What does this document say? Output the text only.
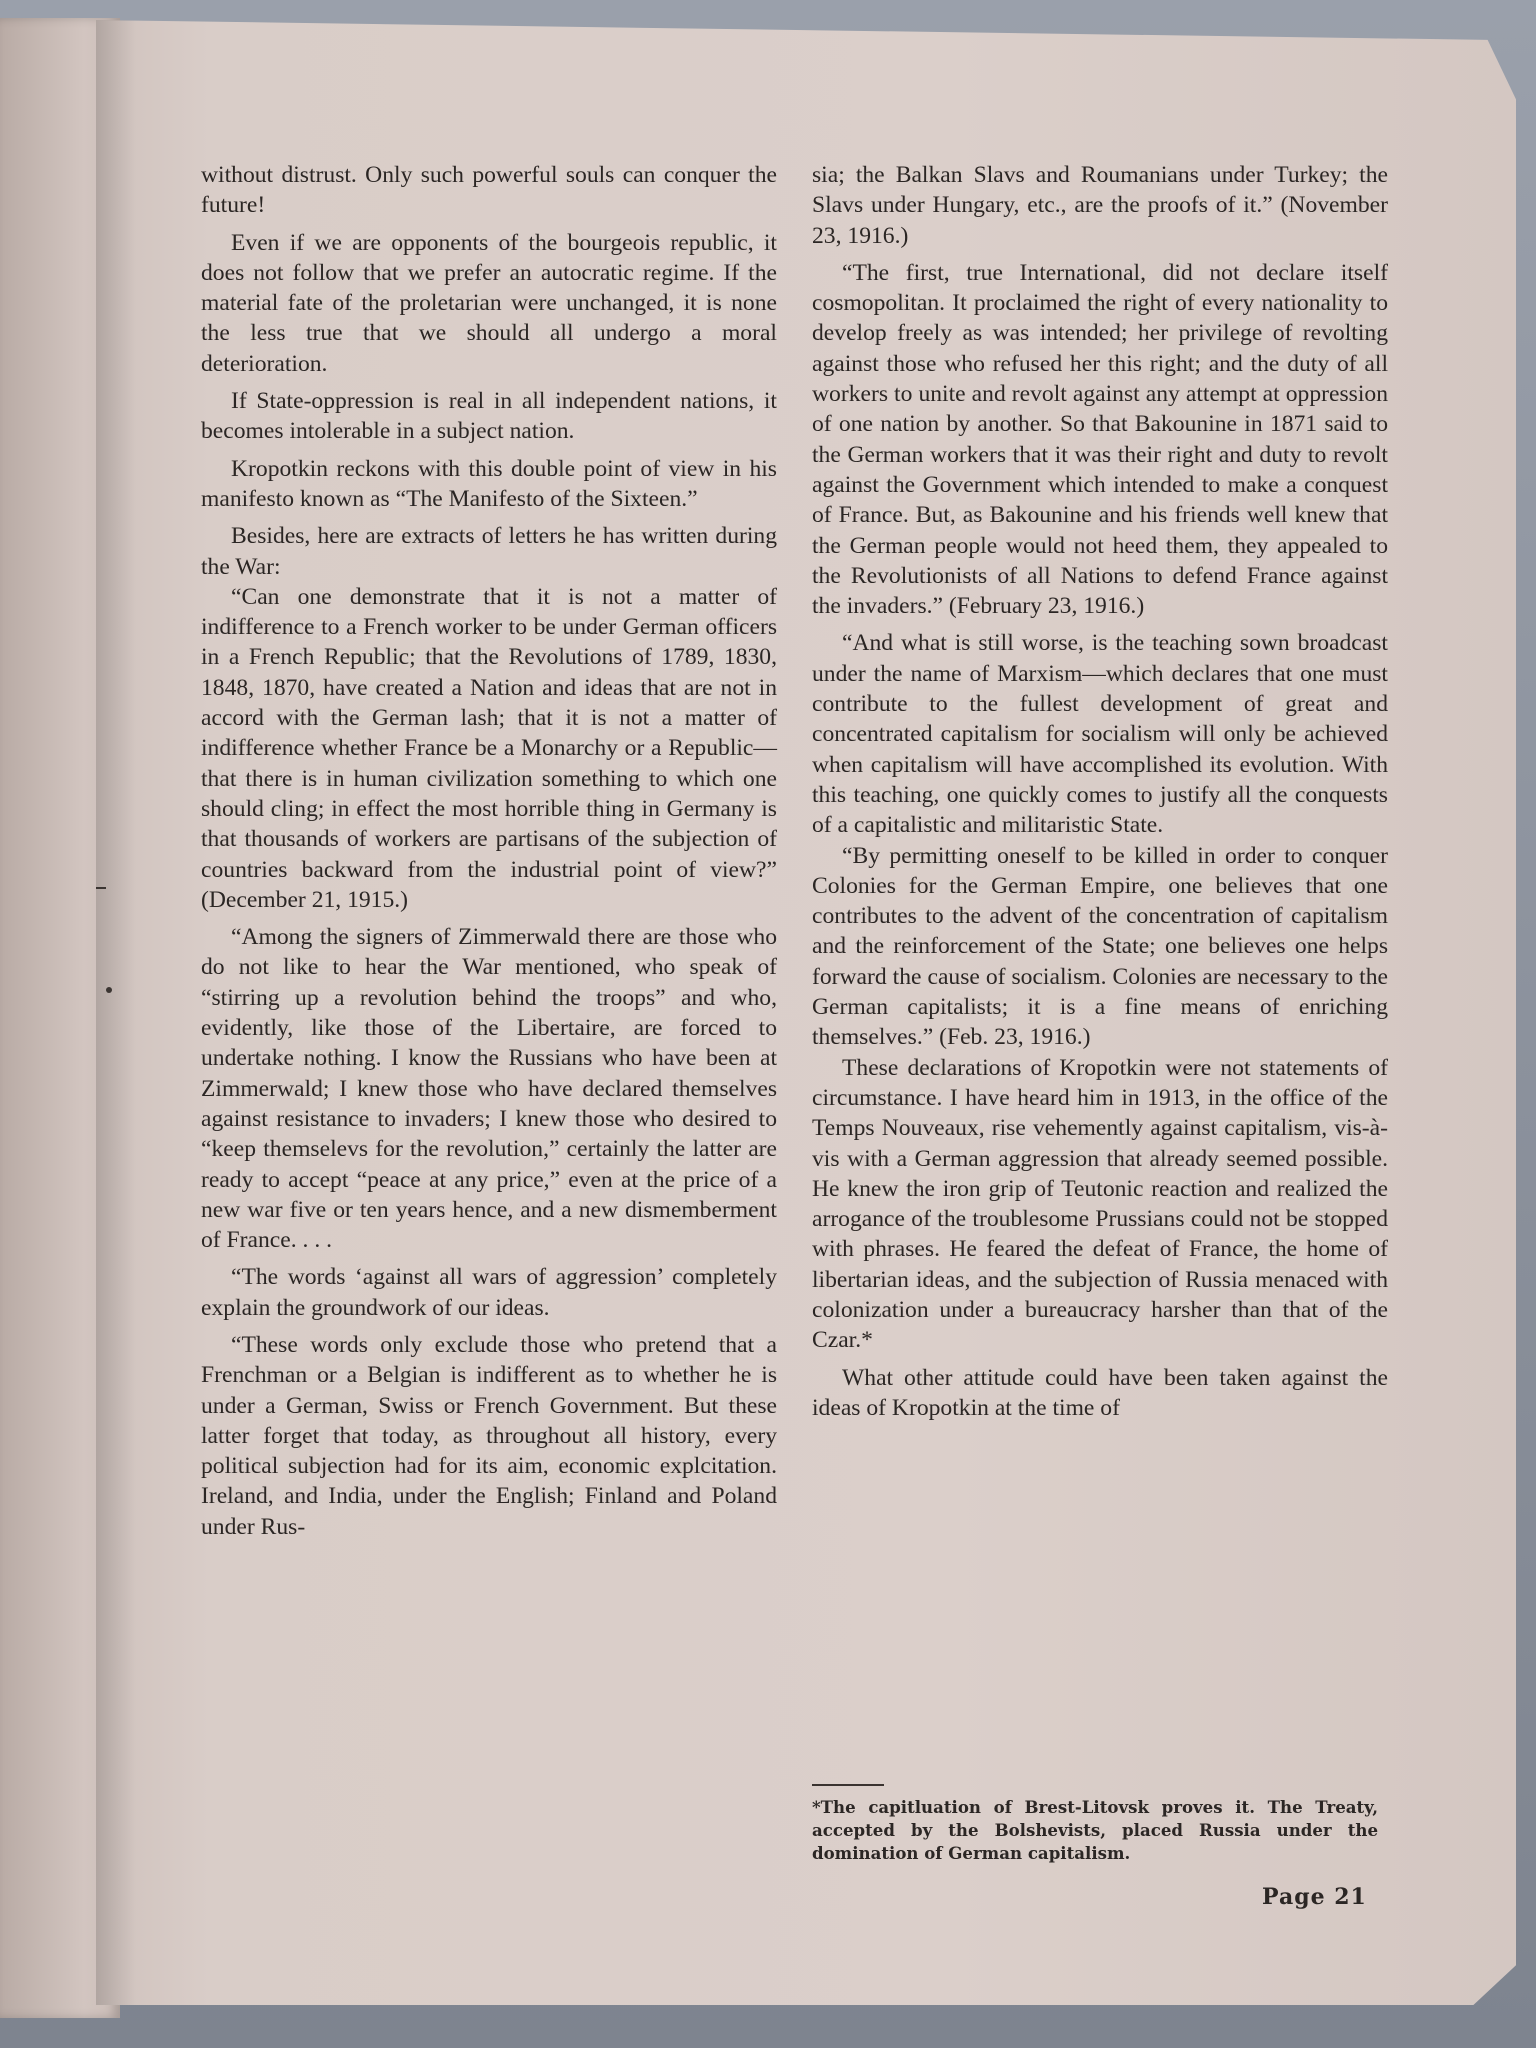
without distrust. Only such powerful souls can conquer the future!

Even if we are opponents of the bourgeois republic, it does not follow that we prefer an autocratic regime. If the material fate of the proletarian were unchanged, it is none the less true that we should all undergo a moral deterioration.

If State-oppression is real in all independent nations, it becomes intolerable in a subject nation.

Kropotkin reckons with this double point of view in his manifesto known as “The Manifesto of the Sixteen.”

Besides, here are extracts of letters he has written during the War:

“Can one demonstrate that it is not a matter of indifference to a French worker to be under German officers in a French Republic; that the Revolutions of 1789, 1830, 1848, 1870, have created a Nation and ideas that are not in accord with the German lash; that it is not a matter of indifference whether France be a Monarchy or a Republic—that there is in human civilization something to which one should cling; in effect the most horrible thing in Germany is that thousands of workers are partisans of the subjection of countries backward from the industrial point of view?” (December 21, 1915.)

“Among the signers of Zimmerwald there are those who do not like to hear the War mentioned, who speak of “stirring up a revolution behind the troops” and who, evidently, like those of the Libertaire, are forced to undertake nothing. I know the Russians who have been at Zimmerwald; I knew those who have declared themselves against resistance to invaders; I knew those who desired to “keep themselevs for the revolution,” certainly the latter are ready to accept “peace at any price,” even at the price of a new war five or ten years hence, and a new dismemberment of France. . . .

“The words ‘against all wars of aggression’ completely explain the groundwork of our ideas.

“These words only exclude those who pretend that a Frenchman or a Belgian is indifferent as to whether he is under a German, Swiss or French Government. But these latter forget that today, as throughout all history, every political subjection had for its aim, economic explcitation. Ireland, and India, under the English; Finland and Poland under Rus-

sia; the Balkan Slavs and Roumanians under Turkey; the Slavs under Hungary, etc., are the proofs of it.” (November 23, 1916.)

“The first, true International, did not declare itself cosmopolitan. It proclaimed the right of every nationality to develop freely as was intended; her privilege of revolting against those who refused her this right; and the duty of all workers to unite and revolt against any attempt at oppression of one nation by another. So that Bakounine in 1871 said to the German workers that it was their right and duty to revolt against the Government which intended to make a conquest of France. But, as Bakounine and his friends well knew that the German people would not heed them, they appealed to the Revolutionists of all Nations to defend France against the invaders.” (February 23, 1916.)

“And what is still worse, is the teaching sown broadcast under the name of Marxism—which declares that one must contribute to the fullest development of great and concentrated capitalism for socialism will only be achieved when capitalism will have accomplished its evolution. With this teaching, one quickly comes to justify all the conquests of a capitalistic and militaristic State.

“By permitting oneself to be killed in order to conquer Colonies for the German Empire, one believes that one contributes to the advent of the concentration of capitalism and the reinforcement of the State; one believes one helps forward the cause of socialism. Colonies are necessary to the German capitalists; it is a fine means of enriching themselves.” (Feb. 23, 1916.)

These declarations of Kropotkin were not statements of circumstance. I have heard him in 1913, in the office of the Temps Nouveaux, rise vehemently against capitalism, vis-à-vis with a German aggression that already seemed possible. He knew the iron grip of Teutonic reaction and realized the arrogance of the troublesome Prussians could not be stopped with phrases. He feared the defeat of France, the home of libertarian ideas, and the subjection of Russia menaced with colonization under a bureaucracy harsher than that of the Czar.*

What other attitude could have been taken against the ideas of Kropotkin at the time of

*The capitluation of Brest-Litovsk proves it. The Treaty, accepted by the Bolshevists, placed Russia under the domination of German capitalism.

Page 21
